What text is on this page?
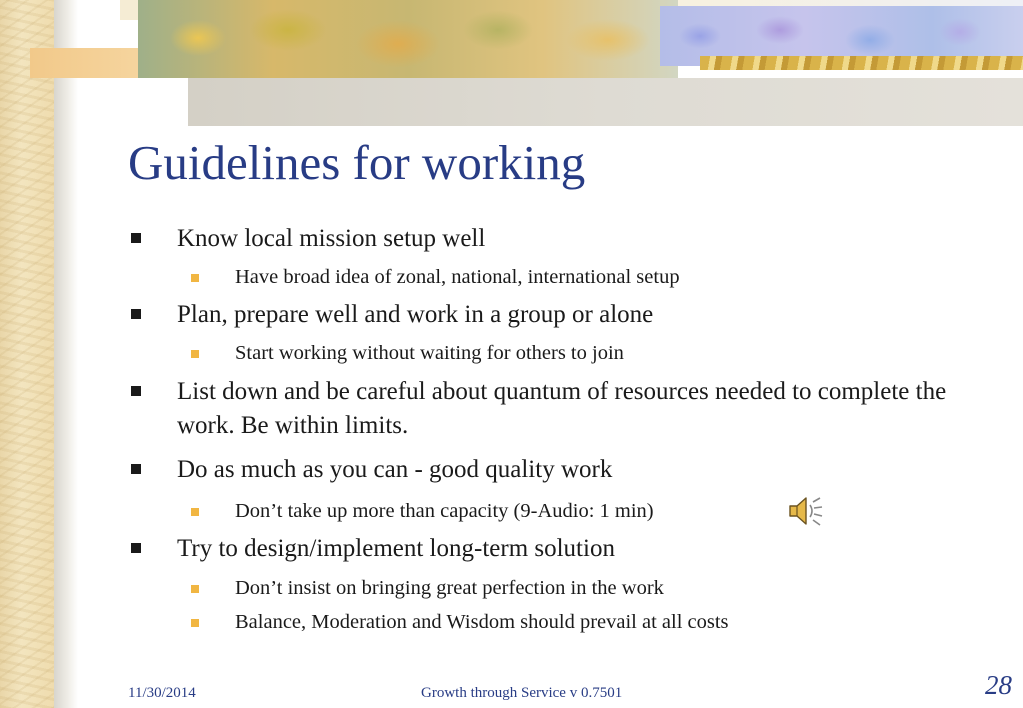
Guidelines for working
Know local mission setup well
Have broad idea of zonal, national, international setup
Plan, prepare well and work in a group or alone
Start working without waiting for others to join
List down and be careful about quantum of resources needed to complete the work. Be within limits.
Do as much as you can - good quality work
Don’t take up more than capacity (9-Audio: 1 min)
Try to design/implement long-term solution
Don’t insist on bringing great perfection in the work
Balance, Moderation and Wisdom should prevail at all costs
11/30/2014	Growth through Service v 0.7501	28
